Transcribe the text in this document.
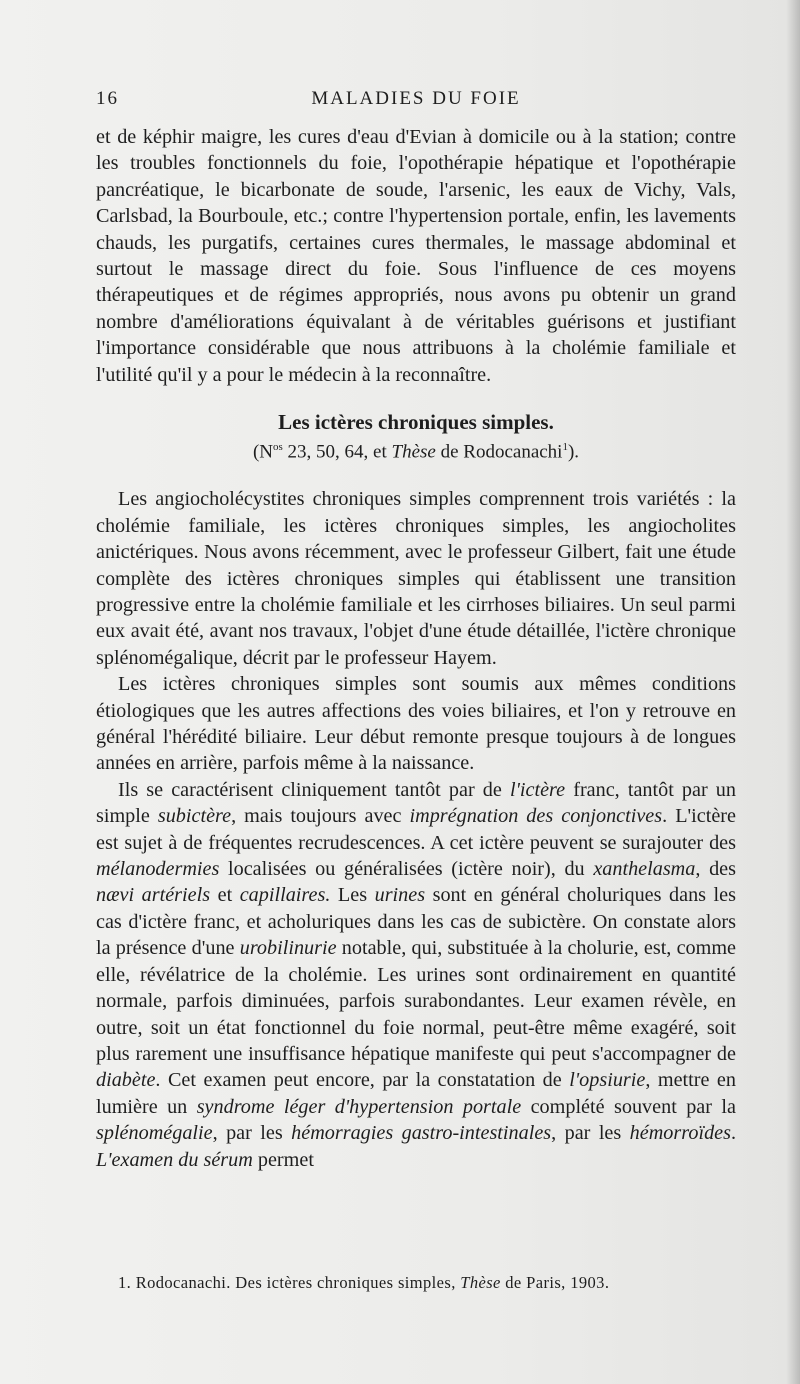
16	MALADIES DU FOIE

et de képhir maigre, les cures d'eau d'Evian à domicile ou à la station; contre les troubles fonctionnels du foie, l'opothérapie hépatique et l'opothérapie pancréatique, le bicarbonate de soude, l'arsenic, les eaux de Vichy, Vals, Carlsbad, la Bourboule, etc.; contre l'hypertension portale, enfin, les lavements chauds, les purgatifs, certaines cures thermales, le massage abdominal et surtout le massage direct du foie. Sous l'influence de ces moyens thérapeutiques et de régimes appropriés, nous avons pu obtenir un grand nombre d'améliorations équivalant à de véritables guérisons et justifiant l'importance considérable que nous attribuons à la cholémie familiale et l'utilité qu'il y a pour le médecin à la reconnaître.

Les ictères chroniques simples.
($N^{os}$ 23, 50, 64, et Thèse de Rodocanachi$^1$).

Les angiocholécystites chroniques simples comprennent trois variétés : la cholémie familiale, les ictères chroniques simples, les angiocholites anictériques. Nous avons récemment, avec le professeur Gilbert, fait une étude complète des ictères chroniques simples qui établissent une transition progressive entre la cholémie familiale et les cirrhoses biliaires. Un seul parmi eux avait été, avant nos travaux, l'objet d'une étude détaillée, l'ictère chronique splénomégalique, décrit par le professeur Hayem.

Les ictères chroniques simples sont soumis aux mêmes conditions étiologiques que les autres affections des voies biliaires, et l'on y retrouve en général l'hérédité biliaire. Leur début remonte presque toujours à de longues années en arrière, parfois même à la naissance.

Ils se caractérisent cliniquement tantôt par de l'ictère franc, tantôt par un simple subictère, mais toujours avec imprégnation des conjonctives. L'ictère est sujet à de fréquentes recrudescences. A cet ictère peuvent se surajouter des mélanodermies localisées ou généralisées (ictère noir), du xanthelasma, des nævi artériels et capillaires. Les urines sont en général choluriques dans les cas d'ictère franc, et acholuriques dans les cas de subictère. On constate alors la présence d'une urobilinurie notable, qui, substituée à la cholurie, est, comme elle, révélatrice de la cholémie. Les urines sont ordinairement en quantité normale, parfois diminuées, parfois surabondantes. Leur examen révèle, en outre, soit un état fonctionnel du foie normal, peut-être même exagéré, soit plus rarement une insuffisance hépatique manifeste qui peut s'accompagner de diabète. Cet examen peut encore, par la constatation de l'opsiurie, mettre en lumière un syndrome léger d'hypertension portale complété souvent par la splénomégalie, par les hémorragies gastro-intestinales, par les hémorroïdes. L'examen du sérum permet

1. Rodocanachi. Des ictères chroniques simples, Thèse de Paris, 1903.
